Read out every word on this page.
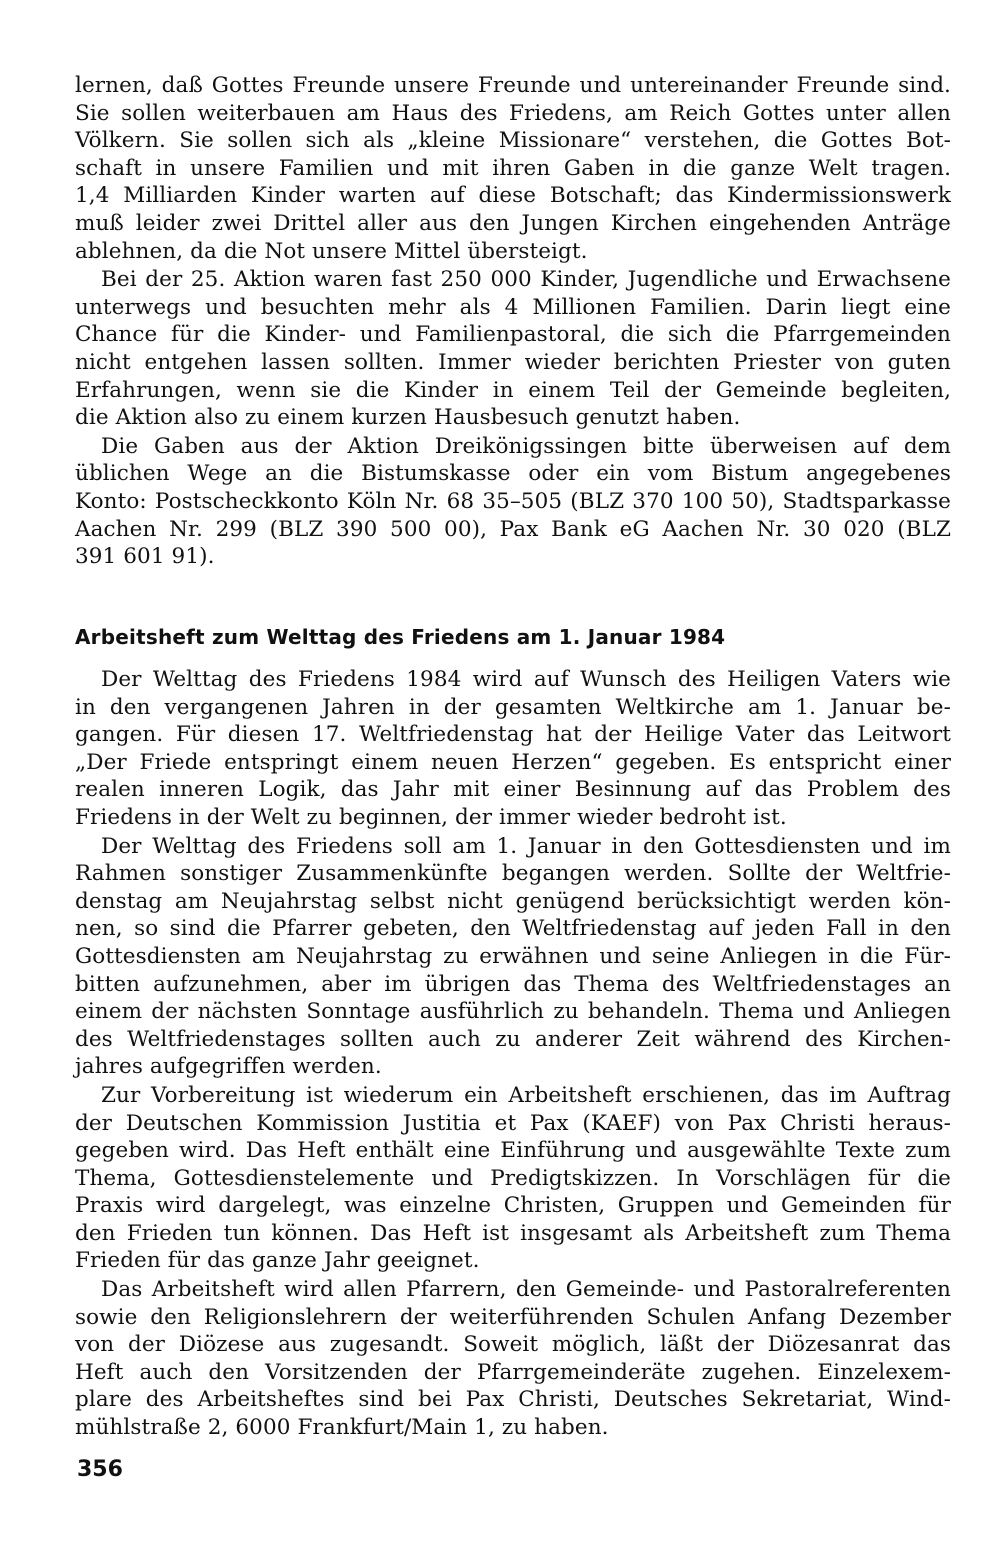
lernen, daß Gottes Freunde unsere Freunde und untereinander Freunde sind.
Sie sollen weiterbauen am Haus des Friedens, am Reich Gottes unter allen
Völkern. Sie sollen sich als „kleine Missionare“ verstehen, die Gottes Bot-
schaft in unsere Familien und mit ihren Gaben in die ganze Welt tragen.
1,4 Milliarden Kinder warten auf diese Botschaft; das Kindermissionswerk
muß leider zwei Drittel aller aus den Jungen Kirchen eingehenden Anträge
ablehnen, da die Not unsere Mittel übersteigt.
Bei der 25. Aktion waren fast 250 000 Kinder, Jugendliche und Erwachsene
unterwegs und besuchten mehr als 4 Millionen Familien. Darin liegt eine
Chance für die Kinder- und Familienpastoral, die sich die Pfarrgemeinden
nicht entgehen lassen sollten. Immer wieder berichten Priester von guten
Erfahrungen, wenn sie die Kinder in einem Teil der Gemeinde begleiten,
die Aktion also zu einem kurzen Hausbesuch genutzt haben.
Die Gaben aus der Aktion Dreikönigssingen bitte überweisen auf dem
üblichen Wege an die Bistumskasse oder ein vom Bistum angegebenes
Konto: Postscheckkonto Köln Nr. 68 35–505 (BLZ 370 100 50), Stadtsparkasse
Aachen Nr. 299 (BLZ 390 500 00), Pax Bank eG Aachen Nr. 30 020 (BLZ
391 601 91).
Arbeitsheft zum Welttag des Friedens am 1. Januar 1984
Der Welttag des Friedens 1984 wird auf Wunsch des Heiligen Vaters wie
in den vergangenen Jahren in der gesamten Weltkirche am 1. Januar be-
gangen. Für diesen 17. Weltfriedenstag hat der Heilige Vater das Leitwort
„Der Friede entspringt einem neuen Herzen“ gegeben. Es entspricht einer
realen inneren Logik, das Jahr mit einer Besinnung auf das Problem des
Friedens in der Welt zu beginnen, der immer wieder bedroht ist.
Der Welttag des Friedens soll am 1. Januar in den Gottesdiensten und im
Rahmen sonstiger Zusammenkünfte begangen werden. Sollte der Weltfrie-
denstag am Neujahrstag selbst nicht genügend berücksichtigt werden kön-
nen, so sind die Pfarrer gebeten, den Weltfriedenstag auf jeden Fall in den
Gottesdiensten am Neujahrstag zu erwähnen und seine Anliegen in die Für-
bitten aufzunehmen, aber im übrigen das Thema des Weltfriedenstages an
einem der nächsten Sonntage ausführlich zu behandeln. Thema und Anliegen
des Weltfriedenstages sollten auch zu anderer Zeit während des Kirchen-
jahres aufgegriffen werden.
Zur Vorbereitung ist wiederum ein Arbeitsheft erschienen, das im Auftrag
der Deutschen Kommission Justitia et Pax (KAEF) von Pax Christi heraus-
gegeben wird. Das Heft enthält eine Einführung und ausgewählte Texte zum
Thema, Gottesdienstelemente und Predigtskizzen. In Vorschlägen für die
Praxis wird dargelegt, was einzelne Christen, Gruppen und Gemeinden für
den Frieden tun können. Das Heft ist insgesamt als Arbeitsheft zum Thema
Frieden für das ganze Jahr geeignet.
Das Arbeitsheft wird allen Pfarrern, den Gemeinde- und Pastoralreferenten
sowie den Religionslehrern der weiterführenden Schulen Anfang Dezember
von der Diözese aus zugesandt. Soweit möglich, läßt der Diözesanrat das
Heft auch den Vorsitzenden der Pfarrgemeinderäte zugehen. Einzelexem-
plare des Arbeitsheftes sind bei Pax Christi, Deutsches Sekretariat, Wind-
mühlstraße 2, 6000 Frankfurt/Main 1, zu haben.
356
